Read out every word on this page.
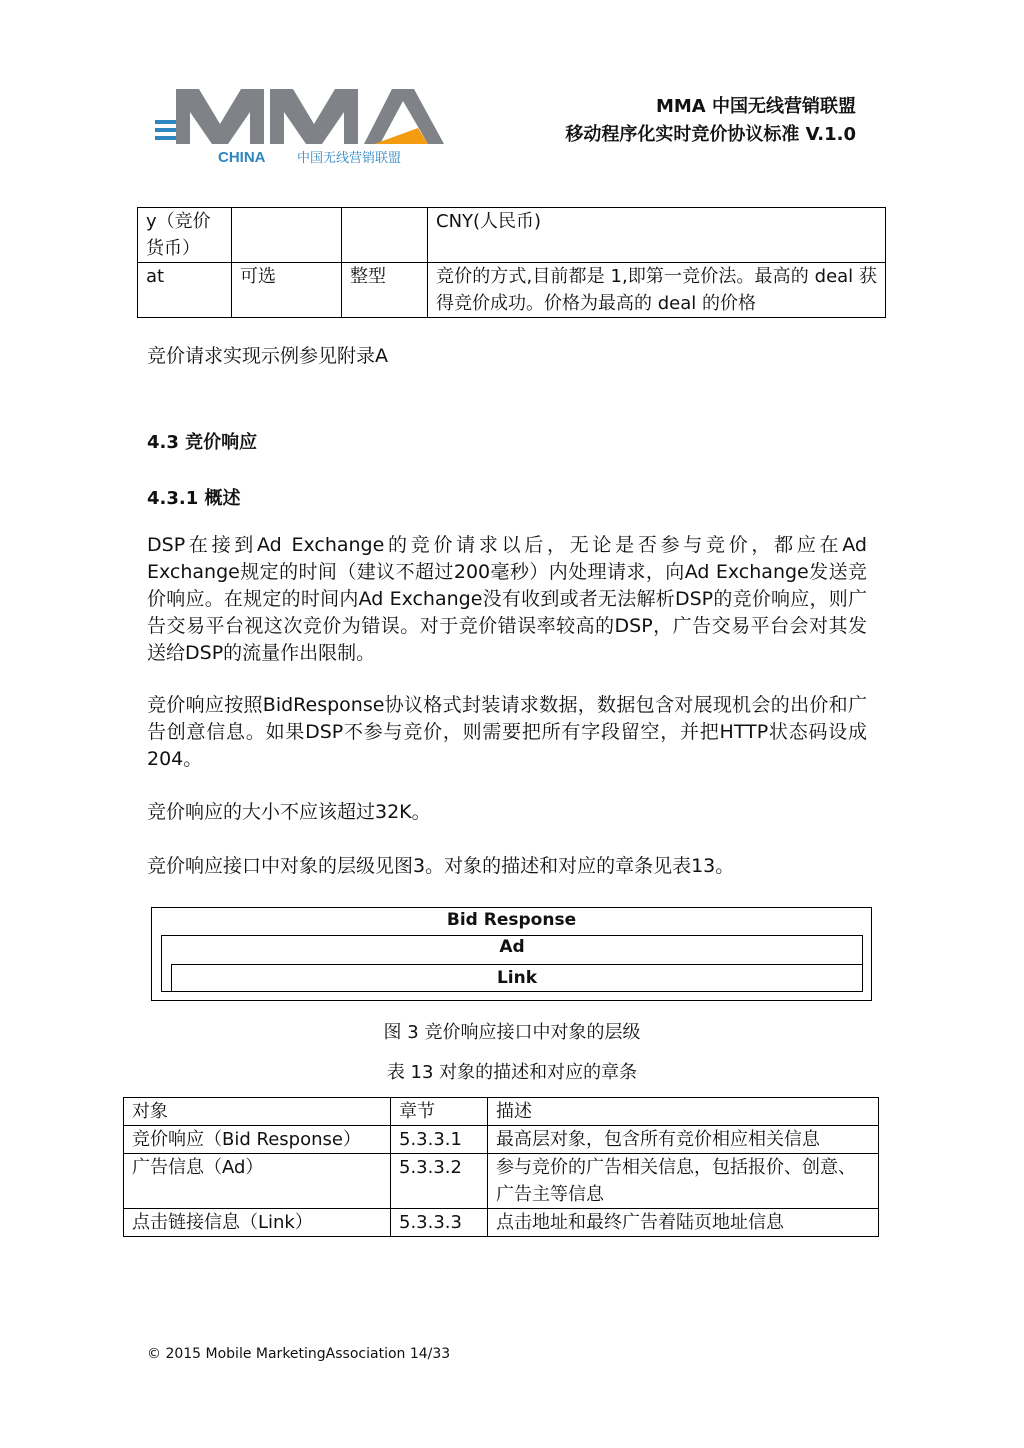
MMA
CHINA 中国无线营销联盟
MMA 中国无线营销联盟
移动程序化实时竞价协议标准 V.1.0
y（竞价货币）			CNY(人民币)
at	可选	整型	竞价的方式,目前都是 1,即第一竞价法。最高的 deal 获得竞价成功。价格为最高的 deal 的价格
竞价请求实现示例参见附录A
4.3 竞价响应
4.3.1 概述
DSP在接到Ad Exchange的竞价请求以后，无论是否参与竞价，都应在Ad Exchange规定的时间（建议不超过200毫秒）内处理请求，向Ad Exchange发送竞价响应。在规定的时间内Ad Exchange没有收到或者无法解析DSP的竞价响应，则广告交易平台视这次竞价为错误。对于竞价错误率较高的DSP，广告交易平台会对其发送给DSP的流量作出限制。
竞价响应按照BidResponse协议格式封装请求数据，数据包含对展现机会的出价和广告创意信息。如果DSP不参与竞价，则需要把所有字段留空，并把HTTP状态码设成204。
竞价响应的大小不应该超过32K。
竞价响应接口中对象的层级见图3。对象的描述和对应的章条见表13。
Bid Response
Ad
Link
图 3 竞价响应接口中对象的层级
表 13 对象的描述和对应的章条
对象	章节	描述
竞价响应（Bid Response）	5.3.3.1	最高层对象，包含所有竞价相应相关信息
广告信息（Ad）	5.3.3.2	参与竞价的广告相关信息，包括报价、创意、广告主等信息
点击链接信息（Link）	5.3.3.3	点击地址和最终广告着陆页地址信息
© 2015 Mobile MarketingAssociation 14/33
